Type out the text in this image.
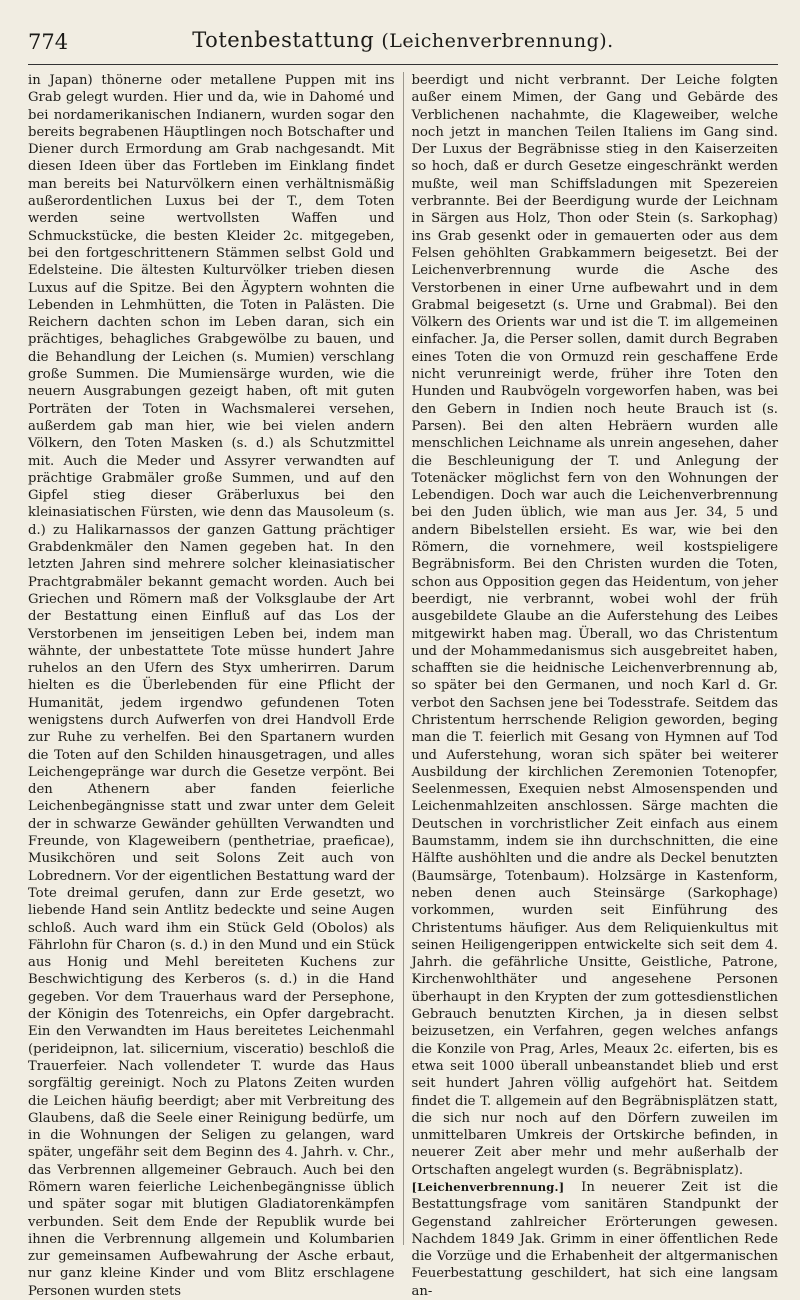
774	Totenbestattung (Leichenverbrennung).

in Japan) thönerne oder metallene Puppen mit ins Grab gelegt wurden. Hier und da, wie in Dahomé und bei nordamerikanischen Indianern, wurden sogar den bereits begrabenen Häuptlingen noch Botschafter und Diener durch Ermordung am Grab nachgesandt. Mit diesen Ideen über das Fortleben im Einklang findet man bereits bei Naturvölkern einen verhältnismäßig außerordentlichen Luxus bei der T., dem Toten werden seine wertvollsten Waffen und Schmuckstücke, die besten Kleider 2c. mitgegeben, bei den fortgeschrittenern Stämmen selbst Gold und Edelsteine. Die ältesten Kulturvölker trieben diesen Luxus auf die Spitze. Bei den Ägyptern wohnten die Lebenden in Lehmhütten, die Toten in Palästen. Die Reichern dachten schon im Leben daran, sich ein prächtiges, behagliches Grabgewölbe zu bauen, und die Behandlung der Leichen (s. Mumien) verschlang große Summen. Die Mumiensärge wurden, wie die neuern Ausgrabungen gezeigt haben, oft mit guten Porträten der Toten in Wachsmalerei versehen, außerdem gab man hier, wie bei vielen andern Völkern, den Toten Masken (s. d.) als Schutzmittel mit. Auch die Meder und Assyrer verwandten auf prächtige Grabmäler große Summen, und auf den Gipfel stieg dieser Gräberluxus bei den kleinasiatischen Fürsten, wie denn das Mausoleum (s. d.) zu Halikarnassos der ganzen Gattung prächtiger Grabdenkmäler den Namen gegeben hat. In den letzten Jahren sind mehrere solcher kleinasiatischer Prachtgrabmäler bekannt gemacht worden. Auch bei Griechen und Römern maß der Volksglaube der Art der Bestattung einen Einfluß auf das Los der Verstorbenen im jenseitigen Leben bei, indem man wähnte, der unbestattete Tote müsse hundert Jahre ruhelos an den Ufern des Styx umherirren. Darum hielten es die Überlebenden für eine Pflicht der Humanität, jedem irgendwo gefundenen Toten wenigstens durch Aufwerfen von drei Handvoll Erde zur Ruhe zu verhelfen. Bei den Spartanern wurden die Toten auf den Schilden hinausgetragen, und alles Leichengepränge war durch die Gesetze verpönt. Bei den Athenern aber fanden feierliche Leichenbegängnisse statt und zwar unter dem Geleit der in schwarze Gewänder gehüllten Verwandten und Freunde, von Klageweibern (penthetriae, praeficae), Musikchören und seit Solons Zeit auch von Lobrednern. Vor der eigentlichen Bestattung ward der Tote dreimal gerufen, dann zur Erde gesetzt, wo liebende Hand sein Antlitz bedeckte und seine Augen schloß. Auch ward ihm ein Stück Geld (Obolos) als Fährlohn für Charon (s. d.) in den Mund und ein Stück aus Honig und Mehl bereiteten Kuchens zur Beschwichtigung des Kerberos (s. d.) in die Hand gegeben. Vor dem Trauerhaus ward der Persephone, der Königin des Totenreichs, ein Opfer dargebracht. Ein den Verwandten im Haus bereitetes Leichenmahl (perideipnon, lat. silicernium, visceratio) beschloß die Trauerfeier. Nach vollendeter T. wurde das Haus sorgfältig gereinigt. Noch zu Platons Zeiten wurden die Leichen häufig beerdigt; aber mit Verbreitung des Glaubens, daß die Seele einer Reinigung bedürfe, um in die Wohnungen der Seligen zu gelangen, ward später, ungefähr seit dem Beginn des 4. Jahrh. v. Chr., das Verbrennen allgemeiner Gebrauch. Auch bei den Römern waren feierliche Leichenbegängnisse üblich und später sogar mit blutigen Gladiatorenkämpfen verbunden. Seit dem Ende der Republik wurde bei ihnen die Verbrennung allgemein und Kolumbarien zur gemeinsamen Aufbewahrung der Asche erbaut, nur ganz kleine Kinder und vom Blitz erschlagene Personen wurden stets

beerdigt und nicht verbrannt. Der Leiche folgten außer einem Mimen, der Gang und Gebärde des Verblichenen nachahmte, die Klageweiber, welche noch jetzt in manchen Teilen Italiens im Gang sind. Der Luxus der Begräbnisse stieg in den Kaiserzeiten so hoch, daß er durch Gesetze eingeschränkt werden mußte, weil man Schiffsladungen mit Spezereien verbrannte. Bei der Beerdigung wurde der Leichnam in Särgen aus Holz, Thon oder Stein (s. Sarkophag) ins Grab gesenkt oder in gemauerten oder aus dem Felsen gehöhlten Grabkammern beigesetzt. Bei der Leichenverbrennung wurde die Asche des Verstorbenen in einer Urne aufbewahrt und in dem Grabmal beigesetzt (s. Urne und Grabmal). Bei den Völkern des Orients war und ist die T. im allgemeinen einfacher. Ja, die Perser sollen, damit durch Begraben eines Toten die von Ormuzd rein geschaffene Erde nicht verunreinigt werde, früher ihre Toten den Hunden und Raubvögeln vorgeworfen haben, was bei den Gebern in Indien noch heute Brauch ist (s. Parsen). Bei den alten Hebräern wurden alle menschlichen Leichname als unrein angesehen, daher die Beschleunigung der T. und Anlegung der Totenäcker möglichst fern von den Wohnungen der Lebendigen. Doch war auch die Leichenverbrennung bei den Juden üblich, wie man aus Jer. 34, 5 und andern Bibelstellen ersieht. Es war, wie bei den Römern, die vornehmere, weil kostspieligere Begräbnisform. Bei den Christen wurden die Toten, schon aus Opposition gegen das Heidentum, von jeher beerdigt, nie verbrannt, wobei wohl der früh ausgebildete Glaube an die Auferstehung des Leibes mitgewirkt haben mag. Überall, wo das Christentum und der Mohammedanismus sich ausgebreitet haben, schafften sie die heidnische Leichenverbrennung ab, so später bei den Germanen, und noch Karl d. Gr. verbot den Sachsen jene bei Todesstrafe. Seitdem das Christentum herrschende Religion geworden, beging man die T. feierlich mit Gesang von Hymnen auf Tod und Auferstehung, woran sich später bei weiterer Ausbildung der kirchlichen Zeremonien Totenopfer, Seelenmessen, Exequien nebst Almosenspenden und Leichenmahlzeiten anschlossen. Särge machten die Deutschen in vorchristlicher Zeit einfach aus einem Baumstamm, indem sie ihn durchschnitten, die eine Hälfte aushöhlten und die andre als Deckel benutzten (Baumsärge, Totenbaum). Holzsärge in Kastenform, neben denen auch Steinsärge (Sarkophage) vorkommen, wurden seit Einführung des Christentums häufiger. Aus dem Reliquienkultus mit seinen Heiligengerippen entwickelte sich seit dem 4. Jahrh. die gefährliche Unsitte, Geistliche, Patrone, Kirchenwohlthäter und angesehene Personen überhaupt in den Krypten der zum gottesdienstlichen Gebrauch benutzten Kirchen, ja in diesen selbst beizusetzen, ein Verfahren, gegen welches anfangs die Konzile von Prag, Arles, Meaux 2c. eiferten, bis es etwa seit 1000 überall unbeanstandet blieb und erst seit hundert Jahren völlig aufgehört hat. Seitdem findet die T. allgemein auf den Begräbnisplätzen statt, die sich nur noch auf den Dörfern zuweilen im unmittelbaren Umkreis der Ortskirche befinden, in neuerer Zeit aber mehr und mehr außerhalb der Ortschaften angelegt wurden (s. Begräbnisplatz).

[Leichenverbrennung.] In neuerer Zeit ist die Bestattungsfrage vom sanitären Standpunkt der Gegenstand zahlreicher Erörterungen gewesen. Nachdem 1849 Jak. Grimm in einer öffentlichen Rede die Vorzüge und die Erhabenheit der altgermanischen Feuerbestattung geschildert, hat sich eine langsam an-
